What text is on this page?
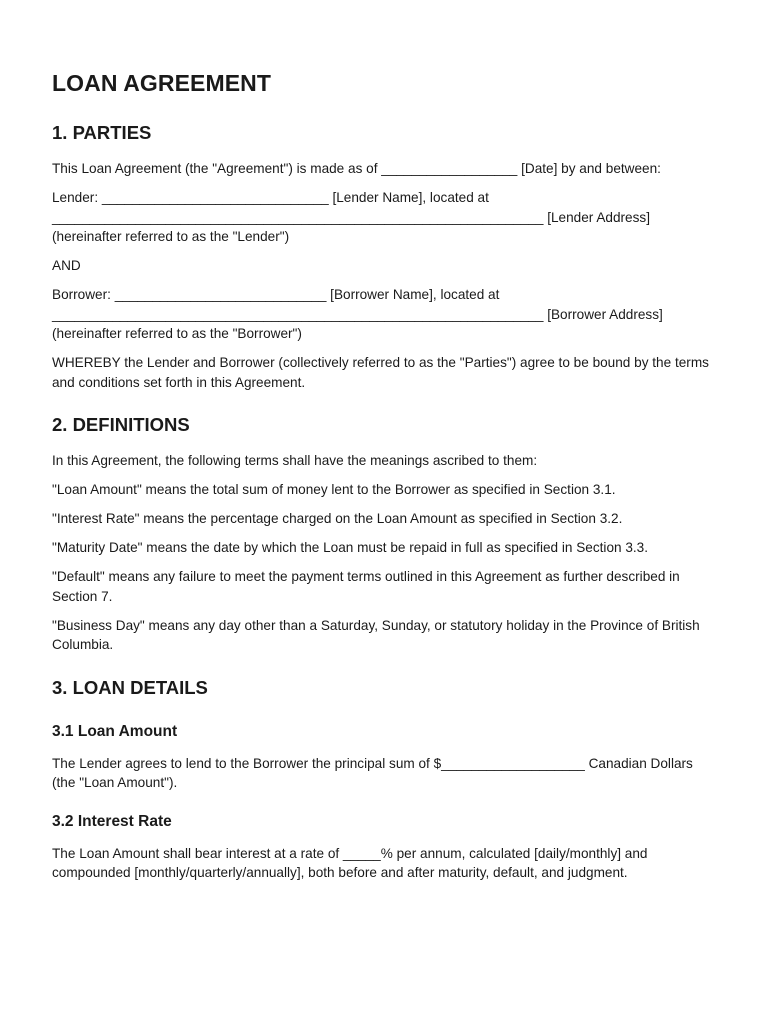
LOAN AGREEMENT
1. PARTIES

This Loan Agreement (the "Agreement") is made as of __________________ [Date] by and between:

Lender: ______________________________ [Lender Name], located at _________________________________________________________________ [Lender Address] (hereinafter referred to as the "Lender")

AND

Borrower: ____________________________ [Borrower Name], located at _________________________________________________________________ [Borrower Address] (hereinafter referred to as the "Borrower")

WHEREBY the Lender and Borrower (collectively referred to as the "Parties") agree to be bound by the terms and conditions set forth in this Agreement.

2. DEFINITIONS

In this Agreement, the following terms shall have the meanings ascribed to them:

"Loan Amount" means the total sum of money lent to the Borrower as specified in Section 3.1.

"Interest Rate" means the percentage charged on the Loan Amount as specified in Section 3.2.

"Maturity Date" means the date by which the Loan must be repaid in full as specified in Section 3.3.

"Default" means any failure to meet the payment terms outlined in this Agreement as further described in Section 7.

"Business Day" means any day other than a Saturday, Sunday, or statutory holiday in the Province of British Columbia.

3. LOAN DETAILS
3.1 Loan Amount

The Lender agrees to lend to the Borrower the principal sum of $___________________ Canadian Dollars (the "Loan Amount").

3.2 Interest Rate

The Loan Amount shall bear interest at a rate of _____% per annum, calculated [daily/monthly] and compounded [monthly/quarterly/annually], both before and after maturity, default, and judgment.
